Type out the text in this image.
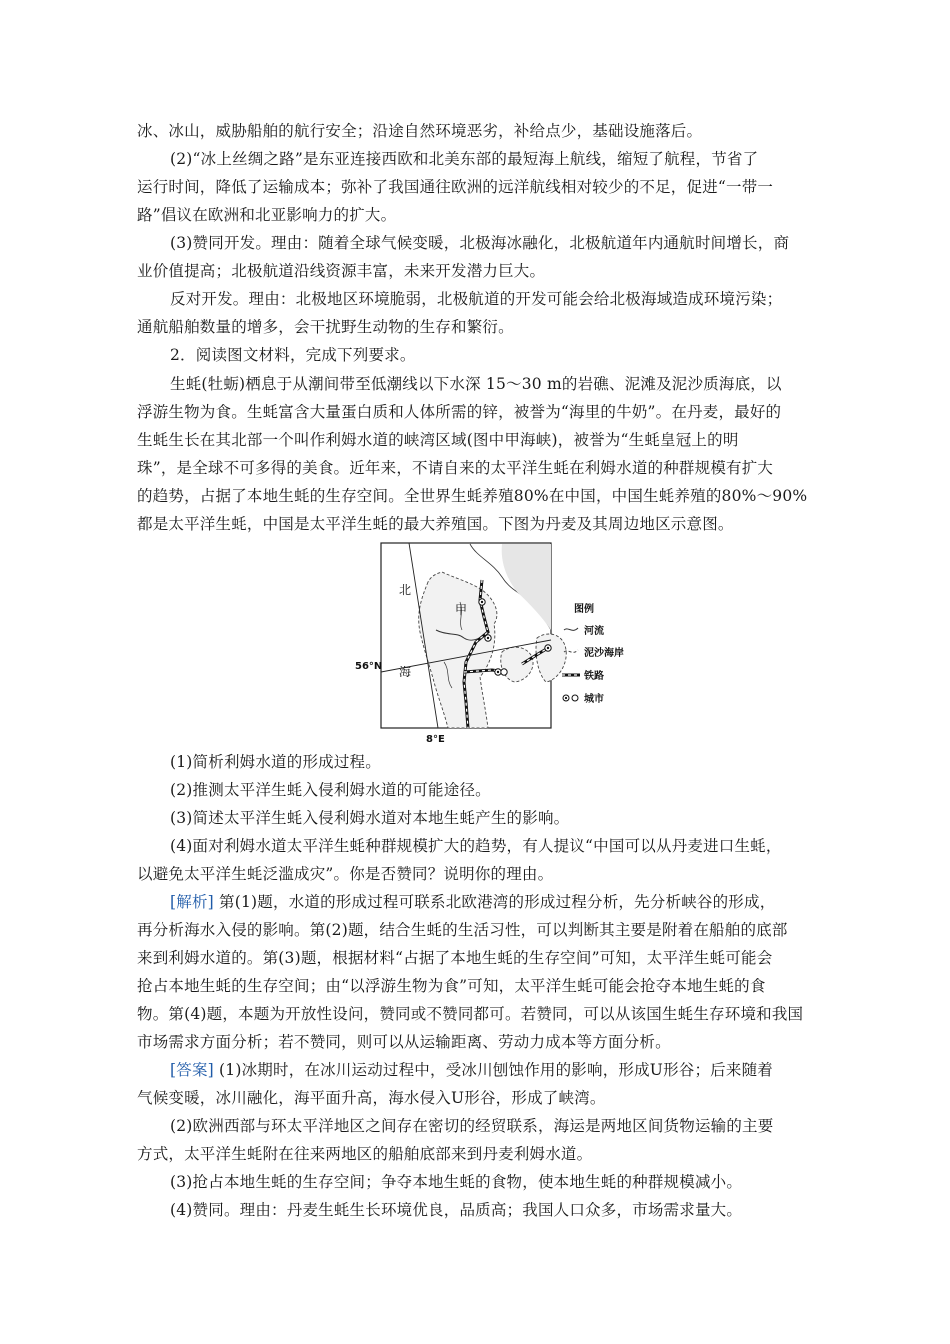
冰、冰山，威胁船舶的航行安全；沿途自然环境恶劣，补给点少，基础设施落后。
(2)“冰上丝绸之路”是东亚连接西欧和北美东部的最短海上航线，缩短了航程，节省了
运行时间，降低了运输成本；弥补了我国通往欧洲的远洋航线相对较少的不足，促进“一带一
路”倡议在欧洲和北亚影响力的扩大。
(3)赞同开发。理由：随着全球气候变暖，北极海冰融化，北极航道年内通航时间增长，商
业价值提高；北极航道沿线资源丰富，未来开发潜力巨大。
反对开发。理由：北极地区环境脆弱，北极航道的开发可能会给北极海域造成环境污染；
通航船舶数量的增多，会干扰野生动物的生存和繁衍。
2．阅读图文材料，完成下列要求。
生蚝(牡蛎)栖息于从潮间带至低潮线以下水深 15～30 m的岩礁、泥滩及泥沙质海底，以
浮游生物为食。生蚝富含大量蛋白质和人体所需的锌，被誉为“海里的牛奶”。在丹麦，最好的
生蚝生长在其北部一个叫作利姆水道的峡湾区域(图中甲海峡)，被誉为“生蚝皇冠上的明
珠”，是全球不可多得的美食。近年来，不请自来的太平洋生蚝在利姆水道的种群规模有扩大
的趋势，占据了本地生蚝的生存空间。全世界生蚝养殖80%在中国，中国生蚝养殖的80%～90%
都是太平洋生蚝，中国是太平洋生蚝的最大养殖国。下图为丹麦及其周边地区示意图。
北
海
甲
56°N
8°E
图例
河流
泥沙海岸
铁路
城市
(1)简析利姆水道的形成过程。
(2)推测太平洋生蚝入侵利姆水道的可能途径。
(3)简述太平洋生蚝入侵利姆水道对本地生蚝产生的影响。
(4)面对利姆水道太平洋生蚝种群规模扩大的趋势，有人提议“中国可以从丹麦进口生蚝，
以避免太平洋生蚝泛滥成灾”。你是否赞同？说明你的理由。
[解析] 第(1)题，水道的形成过程可联系北欧港湾的形成过程分析，先分析峡谷的形成，
再分析海水入侵的影响。第(2)题，结合生蚝的生活习性，可以判断其主要是附着在船舶的底部
来到利姆水道的。第(3)题，根据材料“占据了本地生蚝的生存空间”可知，太平洋生蚝可能会
抢占本地生蚝的生存空间；由“以浮游生物为食”可知，太平洋生蚝可能会抢夺本地生蚝的食
物。第(4)题，本题为开放性设问，赞同或不赞同都可。若赞同，可以从该国生蚝生存环境和我国
市场需求方面分析；若不赞同，则可以从运输距离、劳动力成本等方面分析。
[答案] (1)冰期时，在冰川运动过程中，受冰川刨蚀作用的影响，形成U形谷；后来随着
气候变暖，冰川融化，海平面升高，海水侵入U形谷，形成了峡湾。
(2)欧洲西部与环太平洋地区之间存在密切的经贸联系，海运是两地区间货物运输的主要
方式，太平洋生蚝附在往来两地区的船舶底部来到丹麦利姆水道。
(3)抢占本地生蚝的生存空间；争夺本地生蚝的食物，使本地生蚝的种群规模减小。
(4)赞同。理由：丹麦生蚝生长环境优良，品质高；我国人口众多，市场需求量大。
